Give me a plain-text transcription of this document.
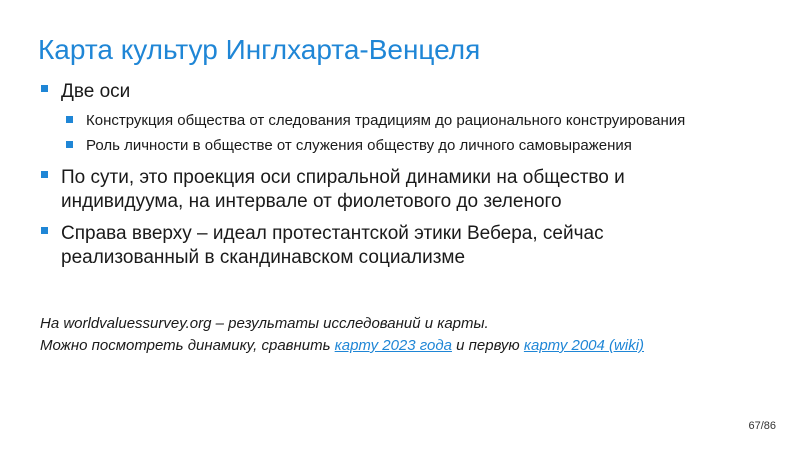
Карта культур Инглхарта-Венцеля
Две оси
Конструкция общества от следования традициям до рационального конструирования
Роль личности в обществе от служения обществу до личного самовыражения
По сути, это проекция оси спиральной динамики на общество и
индивидуума, на интервале от фиолетового до зеленого
Справа вверху – идеал протестантской этики Вебера, сейчас
реализованный в скандинавском социализме
На worldvaluessurvey.org – результаты исследований и карты.
Можно посмотреть динамику, сравнить карту 2023 года и первую карту 2004 (wiki)
67/86
